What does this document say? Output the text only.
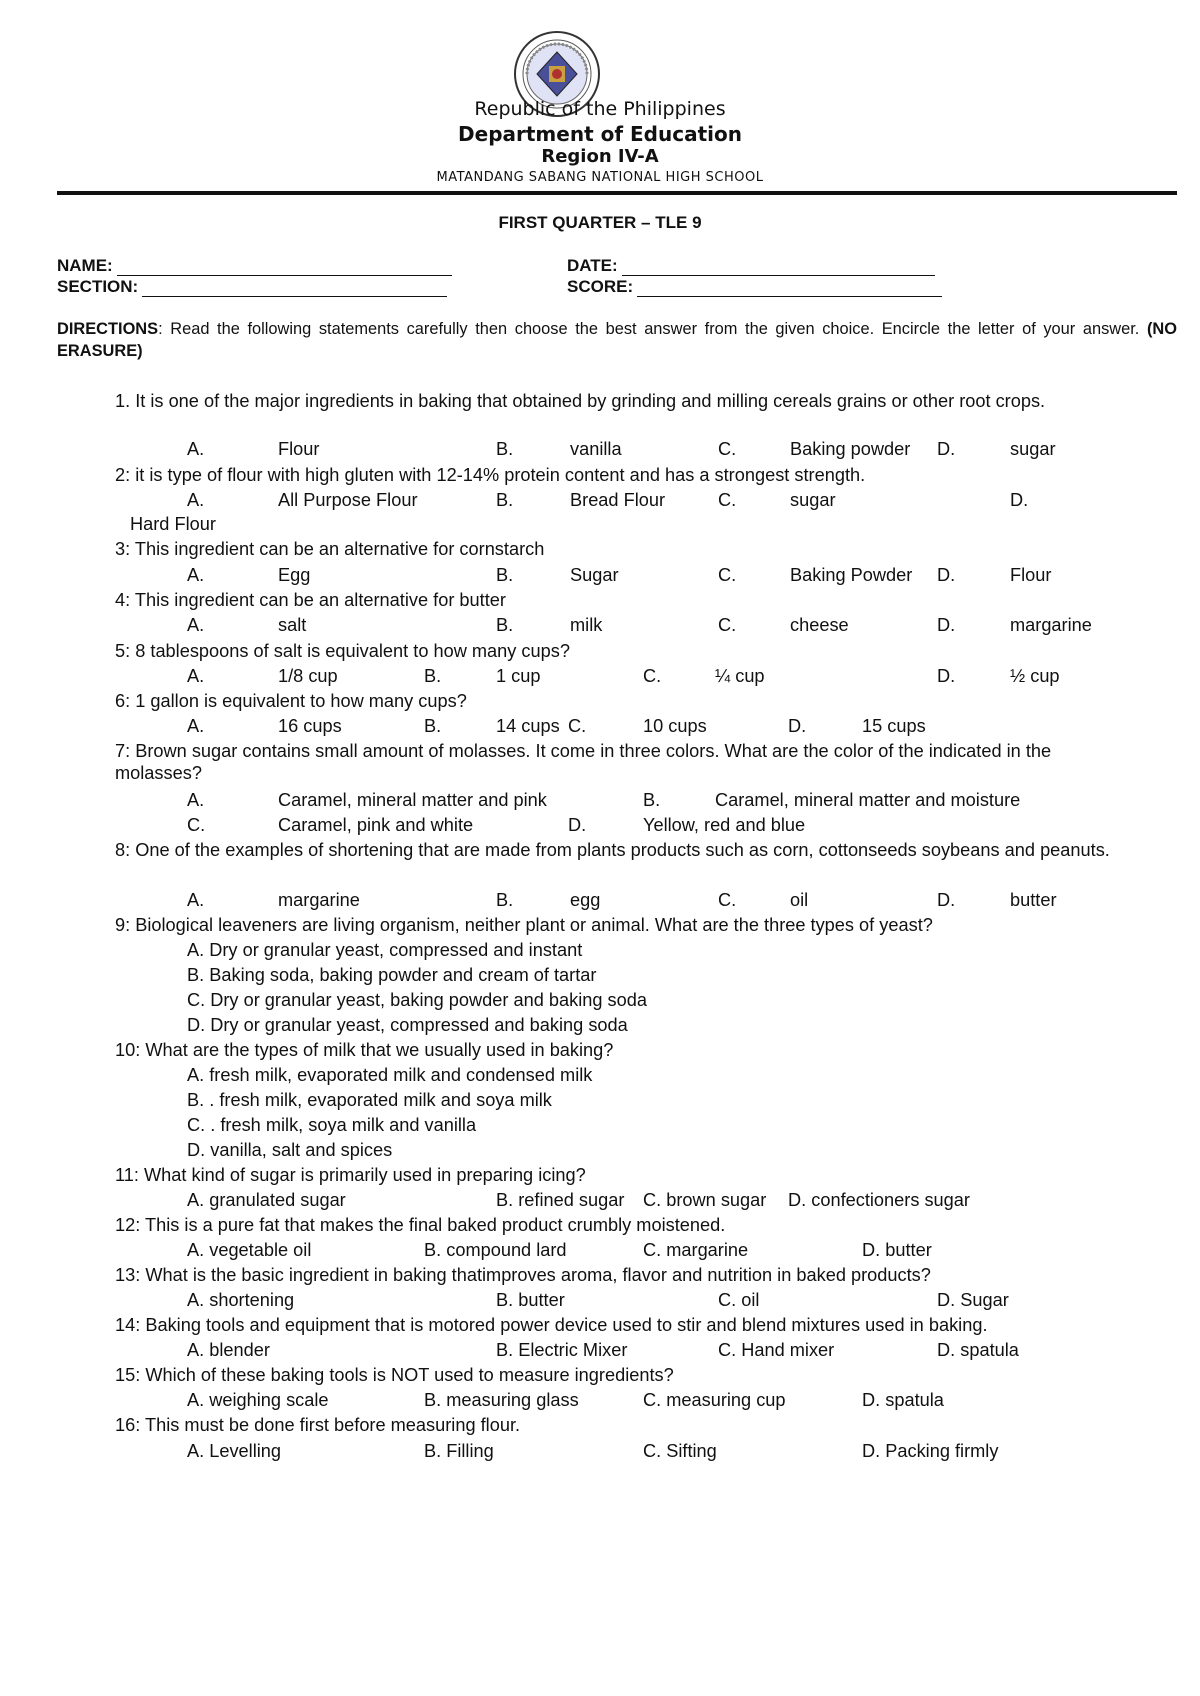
Republic of the Philippines
Department of Education
Region IV-A
MATANDANG SABANG NATIONAL HIGH SCHOOL
FIRST QUARTER – TLE 9
NAME:	DATE:
SECTION:	SCORE:
DIRECTIONS: Read the following statements carefully then choose the best answer from the given choice. Encircle the letter of your answer. (NO ERASURE)
1. It is one of the major ingredients in baking that obtained by grinding and milling cereals grains or other root crops.
A.	Flour	B.	vanilla	C.	Baking powder D.	sugar
2: it is type of flour with high gluten with 12-14% protein content and has a strongest strength.
A.	All Purpose Flour	B.	Bread Flour	C.	sugar	D.
Hard Flour
3: This ingredient can be an alternative for cornstarch
A.	Egg	B.	Sugar	C.	Baking Powder D.	Flour
4: This ingredient can be an alternative for butter
A.	salt	B.	milk	C.	cheese	D.	margarine
5: 8 tablespoons of salt is equivalent to how many cups?
A.	1/8 cup	B.	1 cup	C.	¼ cup	D.	½ cup
6: 1 gallon is equivalent to how many cups?
A.	16 cups	B.	14 cups C.	10 cups	D.	15 cups
7: Brown sugar contains small amount of molasses. It come in three colors. What are the color of the indicated in the molasses?
A.	Caramel, mineral matter and pink	B.	Caramel, mineral matter and moisture
C.	Caramel, pink and white	D.	Yellow, red and blue
8: One of the examples of shortening that are made from plants products such as corn, cottonseeds soybeans and peanuts.
A.	margarine	B.	egg	C.	oil	D.	butter
9: Biological leaveners are living organism, neither plant or animal. What are the three types of yeast?
A. Dry or granular yeast, compressed and instant
B. Baking soda, baking powder and cream of tartar
C. Dry or granular yeast, baking powder and baking soda
D. Dry or granular yeast, compressed and baking soda
10: What are the types of milk that we usually used in baking?
A. fresh milk, evaporated milk and condensed milk
B. . fresh milk, evaporated milk and soya milk
C. . fresh milk, soya milk and vanilla
D. vanilla, salt and spices
11: What kind of sugar is primarily used in preparing icing?
A. granulated sugar	B. refined sugar C. brown sugar D. confectioners sugar
12: This is a pure fat that makes the final baked product crumbly moistened.
A. vegetable oil	B. compound lard	C. margarine	D. butter
13: What is the basic ingredient in baking thatimproves aroma, flavor and nutrition in baked products?
A. shortening	B. butter	C. oil	D. Sugar
14: Baking tools and equipment that is motored power device used to stir and blend mixtures used in baking.
A. blender	B. Electric Mixer	C. Hand mixer	D. spatula
15: Which of these baking tools is NOT used to measure ingredients?
A. weighing scale	B. measuring glass	C. measuring cup	D. spatula
16: This must be done first before measuring flour.
A. Levelling	B. Filling	C. Sifting	D. Packing firmly
